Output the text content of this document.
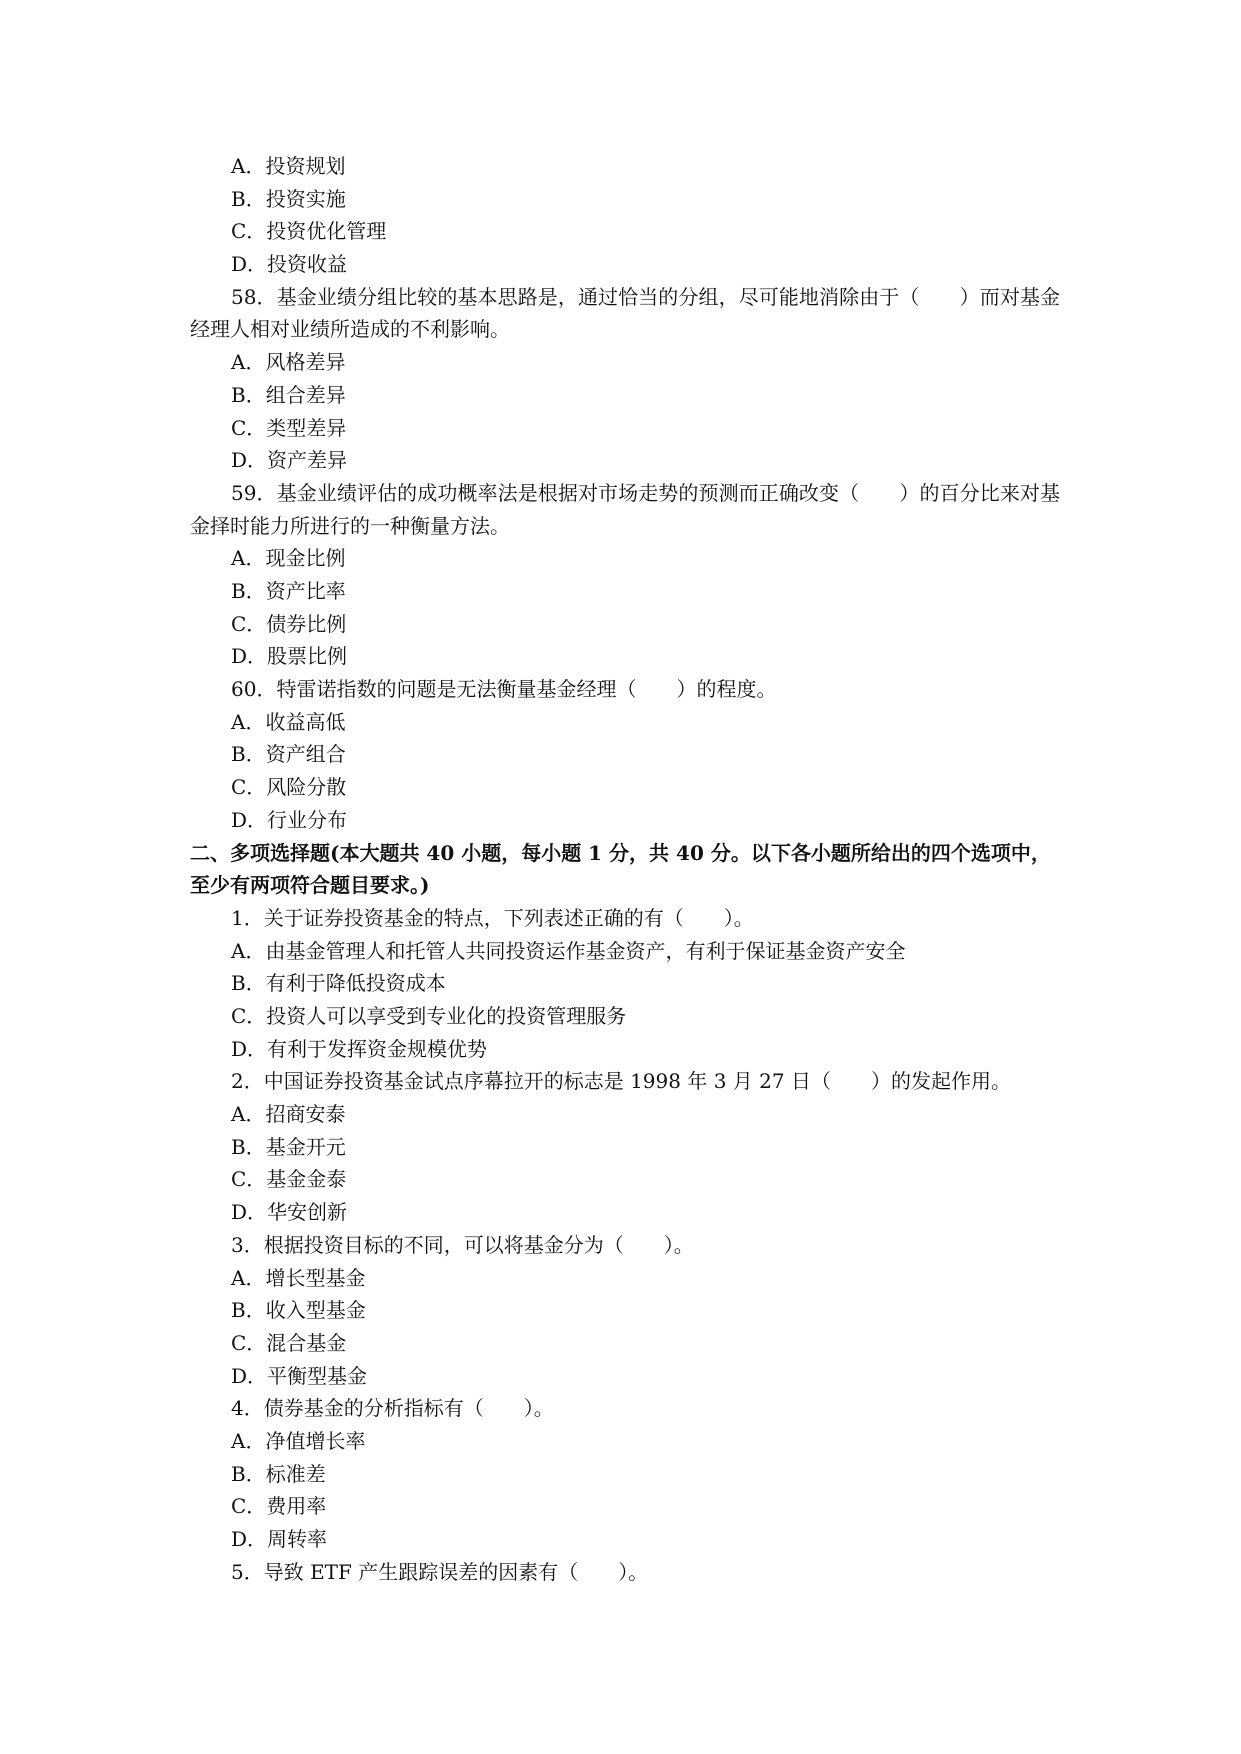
A．投资规划
B．投资实施
C．投资优化管理
D．投资收益
58．基金业绩分组比较的基本思路是，通过恰当的分组，尽可能地消除由于（　　）而对基金经理人相对业绩所造成的不利影响。
A．风格差异
B．组合差异
C．类型差异
D．资产差异
59．基金业绩评估的成功概率法是根据对市场走势的预测而正确改变（　　）的百分比来对基金择时能力所进行的一种衡量方法。
A．现金比例
B．资产比率
C．债券比例
D．股票比例
60．特雷诺指数的问题是无法衡量基金经理（　　）的程度。
A．收益高低
B．资产组合
C．风险分散
D．行业分布
二、多项选择题(本大题共 40 小题，每小题 1 分，共 40 分。以下各小题所给出的四个选项中，至少有两项符合题目要求。)
1．关于证券投资基金的特点，下列表述正确的有（　　）。
A．由基金管理人和托管人共同投资运作基金资产，有利于保证基金资产安全
B．有利于降低投资成本
C．投资人可以享受到专业化的投资管理服务
D．有利于发挥资金规模优势
2．中国证券投资基金试点序幕拉开的标志是 1998 年 3 月 27 日（　　）的发起作用。
A．招商安泰
B．基金开元
C．基金金泰
D．华安创新
3．根据投资目标的不同，可以将基金分为（　　）。
A．增长型基金
B．收入型基金
C．混合基金
D．平衡型基金
4．债券基金的分析指标有（　　）。
A．净值增长率
B．标准差
C．费用率
D．周转率
5．导致 ETF 产生跟踪误差的因素有（　　）。
